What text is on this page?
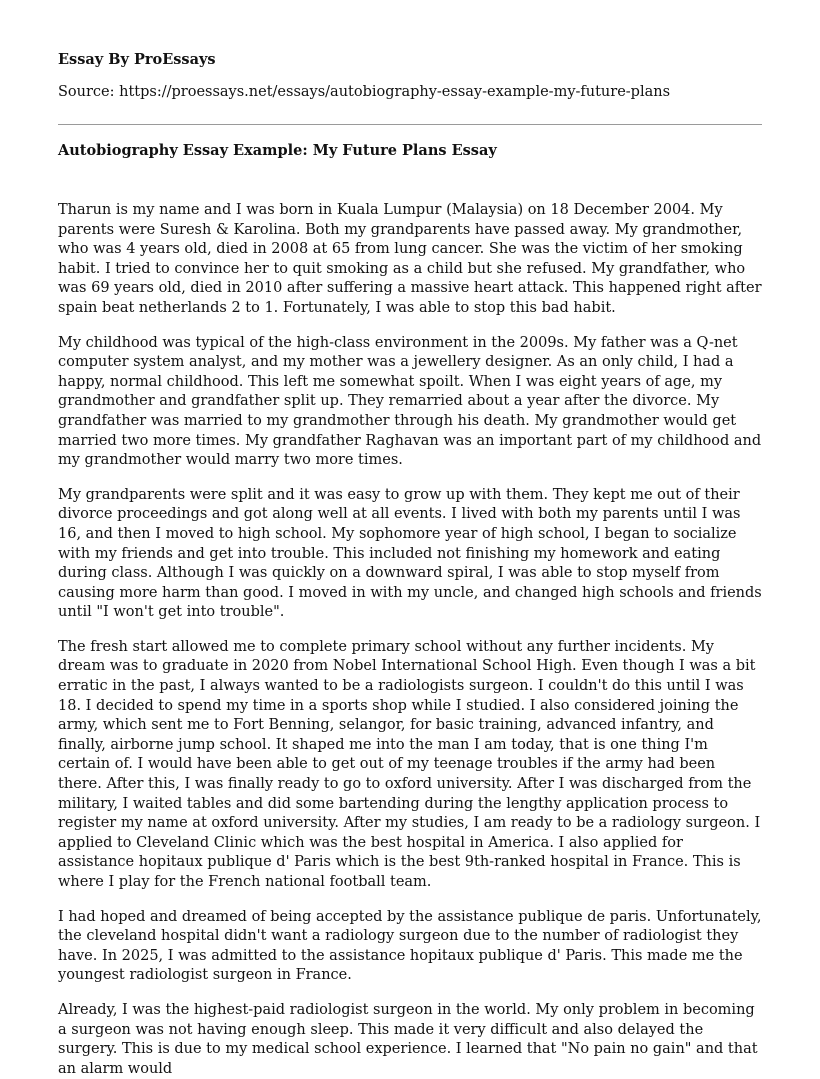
Essay By ProEssays
Source: https://proessays.net/essays/autobiography-essay-example-my-future-plans
Autobiography Essay Example: My Future Plans Essay

Tharun is my name and I was born in Kuala Lumpur (Malaysia) on 18 December 2004. My parents were Suresh & Karolina. Both my grandparents have passed away. My grandmother, who was 4 years old, died in 2008 at 65 from lung cancer. She was the victim of her smoking habit. I tried to convince her to quit smoking as a child but she refused. My grandfather, who was 69 years old, died in 2010 after suffering a massive heart attack. This happened right after spain beat netherlands 2 to 1. Fortunately, I was able to stop this bad habit.

My childhood was typical of the high-class environment in the 2009s. My father was a Q-net computer system analyst, and my mother was a jewellery designer. As an only child, I had a happy, normal childhood. This left me somewhat spoilt. When I was eight years of age, my grandmother and grandfather split up. They remarried about a year after the divorce. My grandfather was married to my grandmother through his death. My grandmother would get married two more times. My grandfather Raghavan was an important part of my childhood and my grandmother would marry two more times.

My grandparents were split and it was easy to grow up with them. They kept me out of their divorce proceedings and got along well at all events. I lived with both my parents until I was 16, and then I moved to high school. My sophomore year of high school, I began to socialize with my friends and get into trouble. This included not finishing my homework and eating during class. Although I was quickly on a downward spiral, I was able to stop myself from causing more harm than good. I moved in with my uncle, and changed high schools and friends until "I won't get into trouble".

The fresh start allowed me to complete primary school without any further incidents. My dream was to graduate in 2020 from Nobel International School High. Even though I was a bit erratic in the past, I always wanted to be a radiologists surgeon. I couldn't do this until I was 18. I decided to spend my time in a sports shop while I studied. I also considered joining the army, which sent me to Fort Benning, selangor, for basic training, advanced infantry, and finally, airborne jump school. It shaped me into the man I am today, that is one thing I'm certain of. I would have been able to get out of my teenage troubles if the army had been there. After this, I was finally ready to go to oxford university. After I was discharged from the military, I waited tables and did some bartending during the lengthy application process to register my name at oxford university. After my studies, I am ready to be a radiology surgeon. I applied to Cleveland Clinic which was the best hospital in America. I also applied for assistance hopitaux publique d' Paris which is the best 9th-ranked hospital in France. This is where I play for the French national football team.

I had hoped and dreamed of being accepted by the assistance publique de paris. Unfortunately, the cleveland hospital didn't want a radiology surgeon due to the number of radiologist they have. In 2025, I was admitted to the assistance hopitaux publique d' Paris. This made me the youngest radiologist surgeon in France.

Already, I was the highest-paid radiologist surgeon in the world. My only problem in becoming a surgeon was not having enough sleep. This made it very difficult and also delayed the surgery. This is due to my medical school experience. I learned that "No pain no gain" and that an alarm would
